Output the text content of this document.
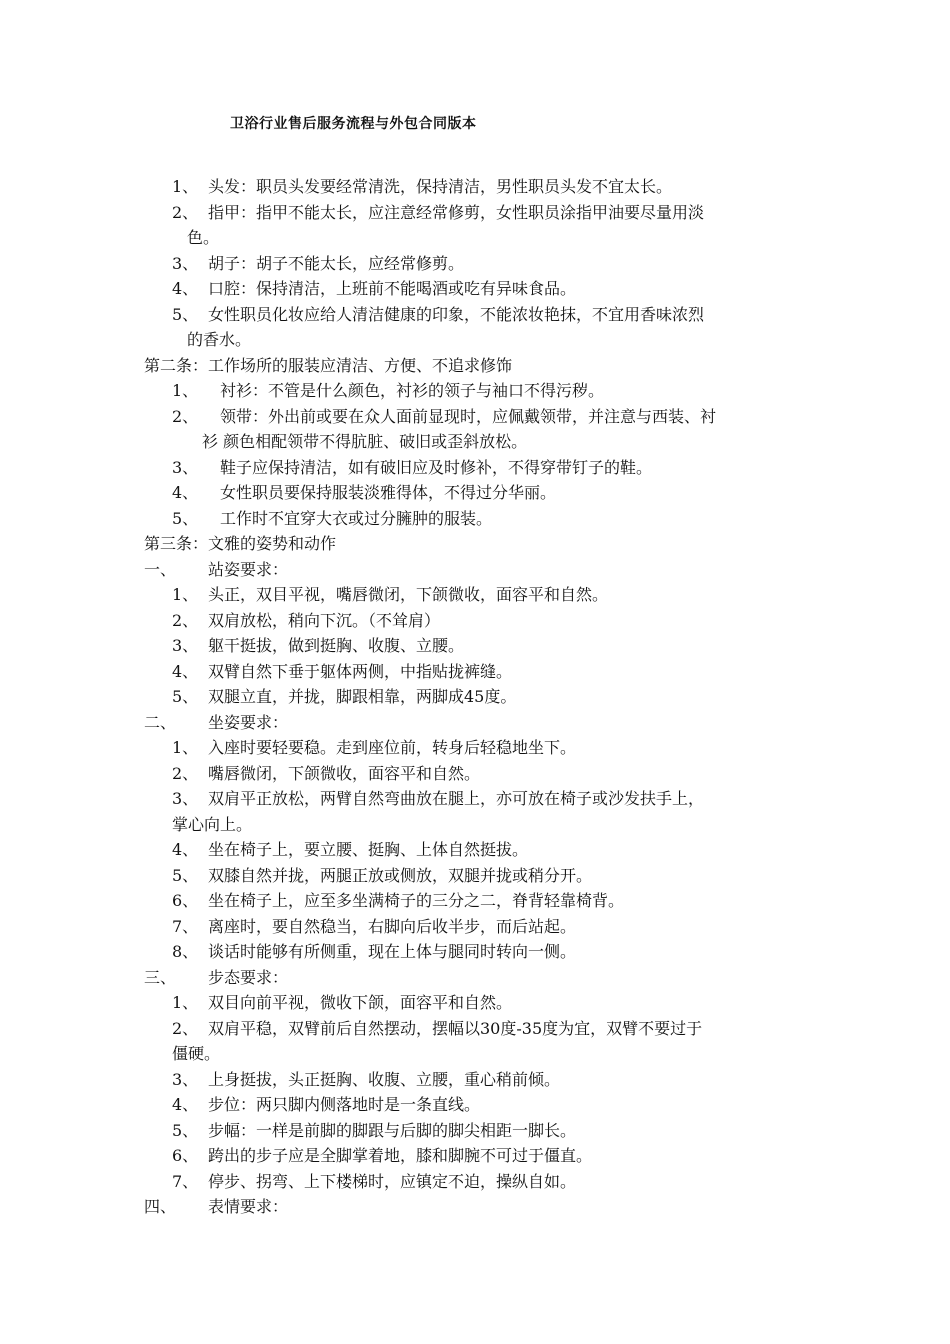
卫浴行业售后服务流程与外包合同版本
1、 头发：职员头发要经常清洗，保持清洁，男性职员头发不宜太长。
2、 指甲：指甲不能太长，应注意经常修剪，女性职员涂指甲油要尽量用淡
色。
3、 胡子：胡子不能太长，应经常修剪。
4、 口腔：保持清洁，上班前不能喝酒或吃有异味食品。
5、 女性职员化妆应给人清洁健康的印象，不能浓妆艳抹，不宜用香味浓烈
的香水。
第二条：工作场所的服装应清洁、方便、不追求修饰
1、 衬衫：不管是什么颜色，衬衫的领子与袖口不得污秽。
2、 领带：外出前或要在众人面前显现时，应佩戴领带，并注意与西装、衬
衫 颜色相配领带不得肮脏、破旧或歪斜放松。
3、 鞋子应保持清洁，如有破旧应及时修补，不得穿带钉子的鞋。
4、 女性职员要保持服装淡雅得体，不得过分华丽。
5、 工作时不宜穿大衣或过分臃肿的服装。
第三条：文雅的姿势和动作
一、 站姿要求：
1、 头正，双目平视，嘴唇微闭，下颌微收，面容平和自然。
2、 双肩放松，稍向下沉。（不耸肩）
3、 躯干挺拔，做到挺胸、收腹、立腰。
4、 双臂自然下垂于躯体两侧，中指贴拢裤缝。
5、 双腿立直，并拢，脚跟相靠，两脚成45度。
二、 坐姿要求：
1、 入座时要轻要稳。走到座位前，转身后轻稳地坐下。
2、 嘴唇微闭，下颌微收，面容平和自然。
3、 双肩平正放松，两臂自然弯曲放在腿上，亦可放在椅子或沙发扶手上，
掌心向上。
4、 坐在椅子上，要立腰、挺胸、上体自然挺拔。
5、 双膝自然并拢，两腿正放或侧放，双腿并拢或稍分开。
6、 坐在椅子上，应至多坐满椅子的三分之二，脊背轻靠椅背。
7、 离座时，要自然稳当，右脚向后收半步，而后站起。
8、 谈话时能够有所侧重，现在上体与腿同时转向一侧。
三、 步态要求：
1、 双目向前平视，微收下颌，面容平和自然。
2、 双肩平稳，双臂前后自然摆动，摆幅以30度-35度为宜，双臂不要过于
僵硬。
3、 上身挺拔，头正挺胸、收腹、立腰，重心稍前倾。
4、 步位：两只脚内侧落地时是一条直线。
5、 步幅：一样是前脚的脚跟与后脚的脚尖相距一脚长。
6、 跨出的步子应是全脚掌着地，膝和脚腕不可过于僵直。
7、 停步、拐弯、上下楼梯时，应镇定不迫，操纵自如。
四、 表情要求：
